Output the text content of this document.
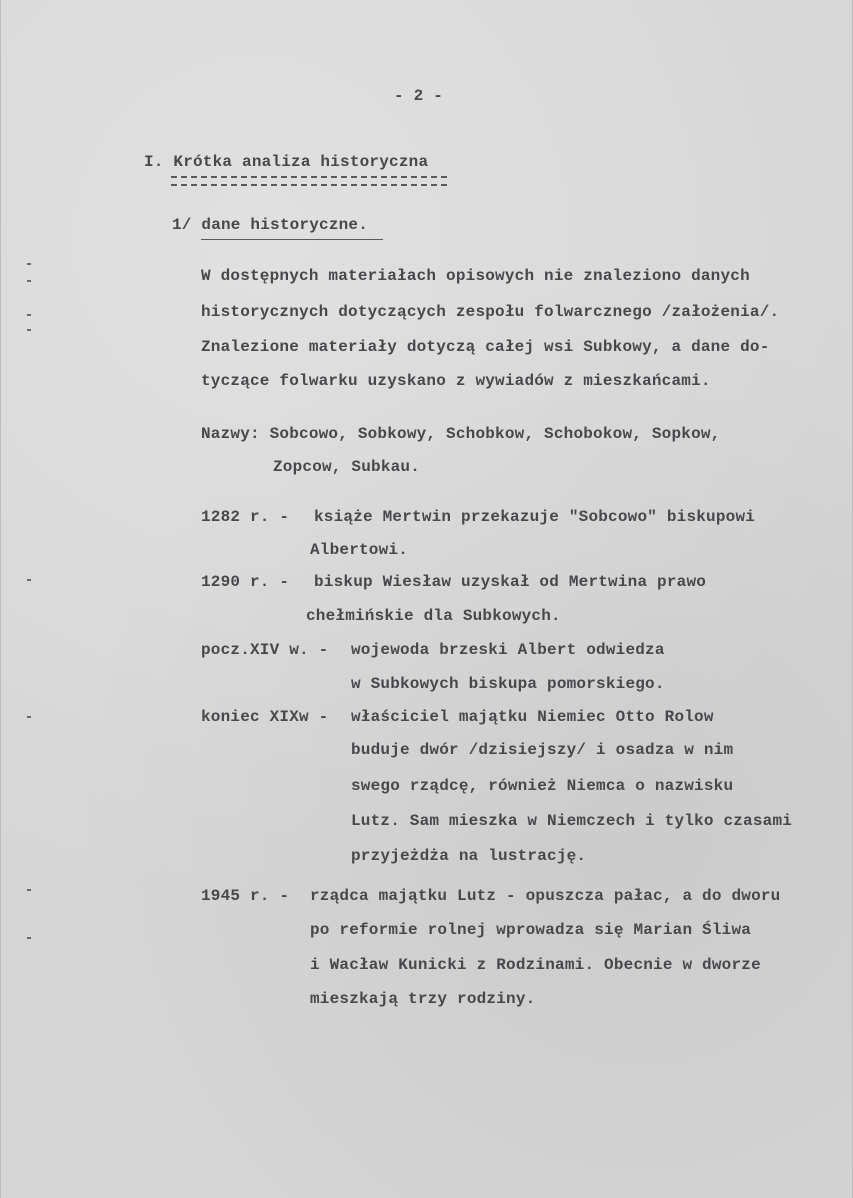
- 2 -
I. Krótka analiza historyczna
1/ dane historyczne.
W dostępnych materiałach opisowych nie znaleziono danych
historycznych dotyczących zespołu folwarcznego /założenia/.
Znalezione materiały dotyczą całej wsi Subkowy, a dane do-
tyczące folwarku uzyskano z wywiadów z mieszkańcami.
Nazwy: Sobcowo, Sobkowy, Schobkow, Schobokow, Sopkow,
Zopcow, Subkau.
1282 r. - książe Mertwin przekazuje "Sobcowo" biskupowi
Albertowi.
1290 r. - biskup Wiesław uzyskał od Mertwina prawo
chełmińskie dla Subkowych.
pocz.XIV w. - wojewoda brzeski Albert odwiedza
w Subkowych biskupa pomorskiego.
koniec XIXw - właściciel majątku Niemiec Otto Rolow
buduje dwór /dzisiejszy/ i osadza w nim
swego rządcę, również Niemca o nazwisku
Lutz. Sam mieszka w Niemczech i tylko czasami
przyjeżdża na lustrację.
1945 r. - rządca majątku Lutz - opuszcza pałac, a do dworu
po reformie rolnej wprowadza się Marian Śliwa
i Wacław Kunicki z Rodzinami. Obecnie w dworze
mieszkają trzy rodziny.
